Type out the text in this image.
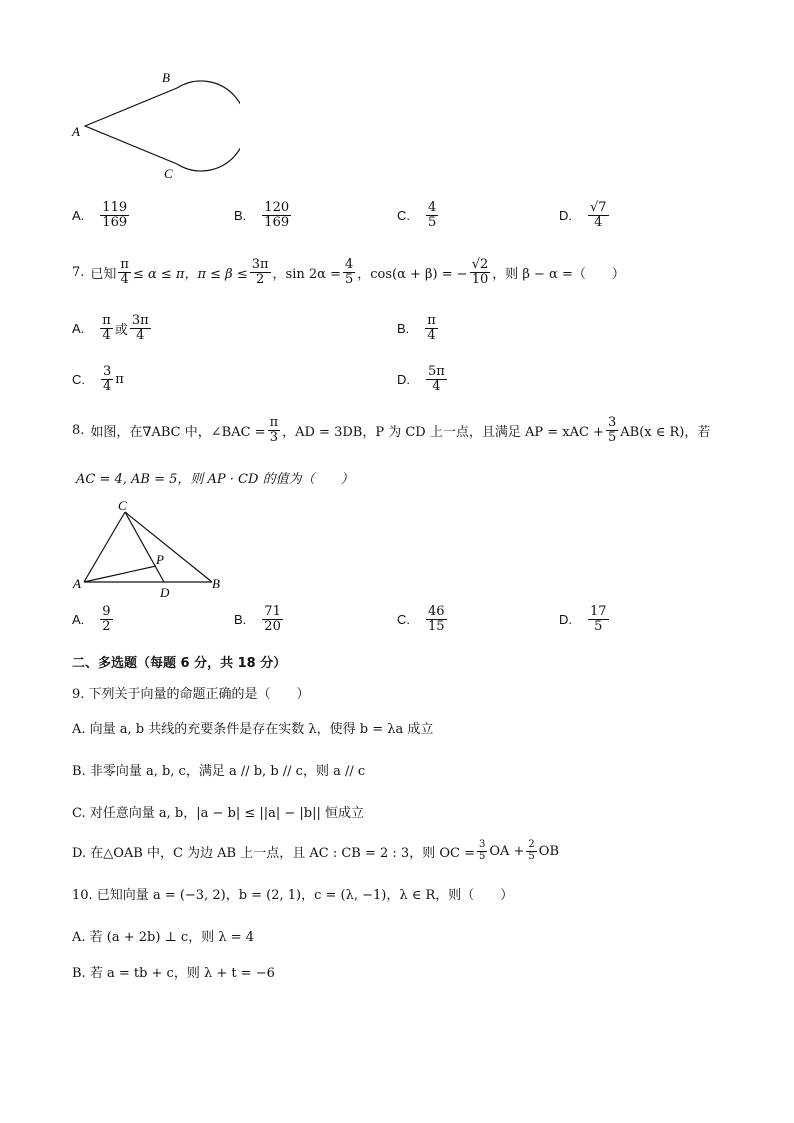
A
B
C
A. $\frac{119}{169}$	B. $\frac{120}{169}$	C. $\frac{4}{5}$	D. $\frac{√7}{4}$
7. 已知 $\frac{\pi}{4} \le \alpha \le \pi$，$\pi \le \beta \le \frac{3\pi}{2}$ ，$\sin 2\alpha = \frac{4}{5}$ ，cos(α + β) = − $\frac{√2}{10}$ ，则 β − α =（　　）
A. $\frac{\pi}{4}$ 或 $\frac{3\pi}{4}$	B. $\frac{\pi}{4}$
C. $\frac{3}{4}$ π	D. $\frac{5\pi}{4}$
8. 如图，在∇ABC 中，∠BAC = $\frac{\pi}{3}$ ，AD = 3DB，P 为 CD 上一点，且满足 AP = xAC + $\frac{3}{5} AB(x$ ∈ R)，若
AC = 4, AB = 5，则 AP · CD 的值为（　　）
A	B
C
D
P
A. $\frac{9}{2}$	B. $\frac{71}{20}$	C. $\frac{46}{15}$	D. $\frac{17}{5}$
二、多选题（每题 6 分，共 18 分）
9. 下列关于向量的命题正确的是（　　）
A. 向量 a, b 共线的充要条件是存在实数 λ，使得 b = λa 成立
B. 非零向量 a, b, c，满足 a // b, b // c，则 a // c
C. 对任意向量 a, b，|a − b| ≤ ||a| − |b|| 恒成立
D. 在△OAB 中，C 为边 AB 上一点，且 AC : CB = 2 : 3，则 OC = $\frac{3}{5}$ OA + $\frac{2}{5}$ OB
10. 已知向量 a = (−3, 2)，b = (2, 1)，c = (λ, −1)，λ ∈ R，则（　　）
A. 若 (a + 2b) ⊥ c，则 λ = 4
B. 若 a = tb + c，则 λ + t = −6
